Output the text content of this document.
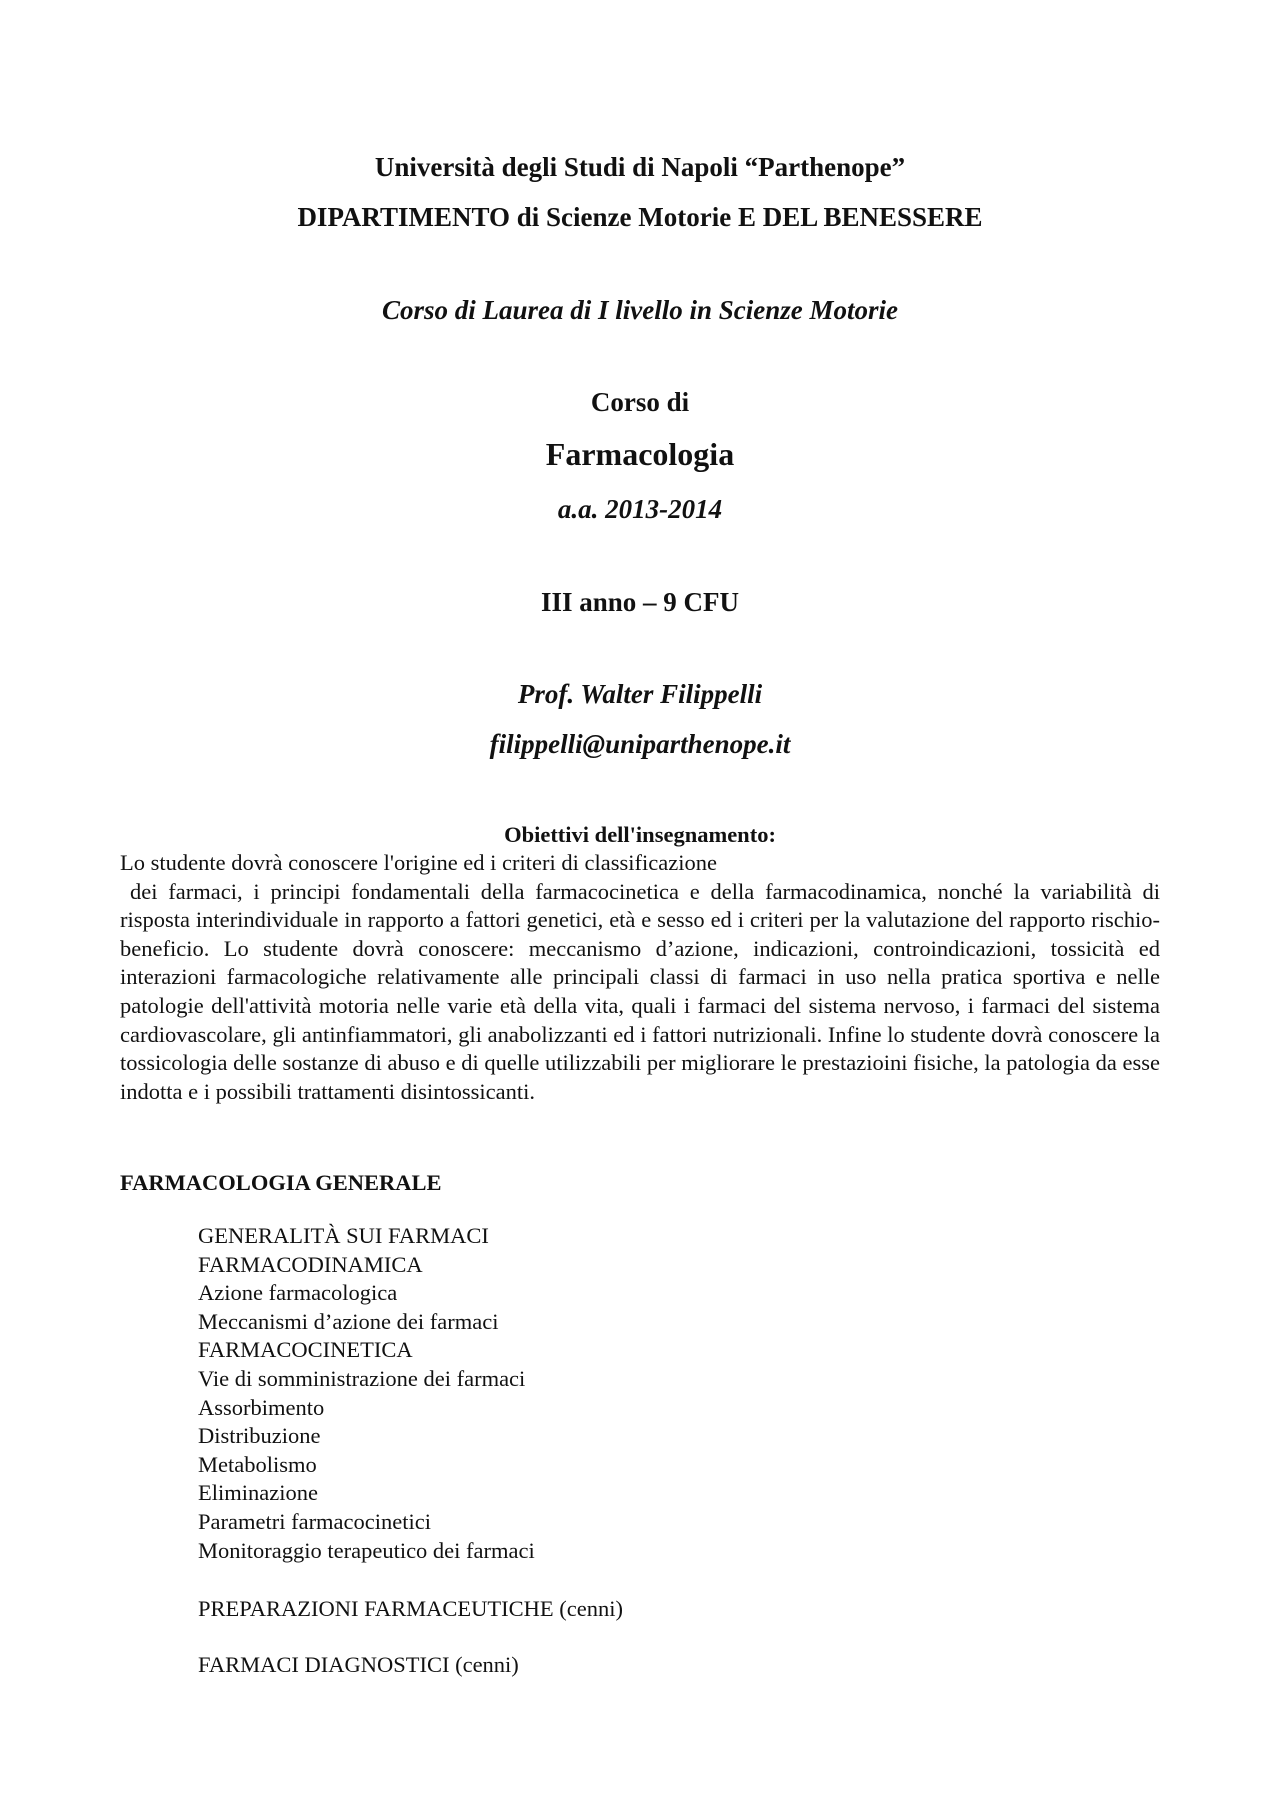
Università degli Studi di Napoli “Parthenope”
DIPARTIMENTO di Scienze Motorie E DEL BENESSERE
Corso di Laurea di I livello in Scienze Motorie
Corso di
Farmacologia
a.a. 2013-2014
III anno – 9 CFU
Prof. Walter Filippelli
filippelli@uniparthenope.it
Obiettivi dell'insegnamento:

Lo studente dovrà conoscere l'origine ed i criteri di classificazione

dei farmaci, i principi fondamentali della farmacocinetica e della farmacodinamica, nonché la variabilità di risposta interindividuale in rapporto a fattori genetici, età e sesso ed i criteri per la valutazione del rapporto rischio-beneficio. Lo studente dovrà conoscere: meccanismo d’azione, indicazioni, controindicazioni, tossicità ed interazioni farmacologiche relativamente alle principali classi di farmaci in uso nella pratica sportiva e nelle patologie dell'attività motoria nelle varie età della vita, quali i farmaci del sistema nervoso, i farmaci del sistema cardiovascolare, gli antinfiammatori, gli anabolizzanti ed i fattori nutrizionali. Infine lo studente dovrà conoscere la tossicologia delle sostanze di abuso e di quelle utilizzabili per migliorare le prestazioini fisiche, la patologia da esse indotta e i possibili trattamenti disintossicanti.

FARMACOLOGIA GENERALE
GENERALITÀ SUI FARMACI
FARMACODINAMICA
Azione farmacologica
Meccanismi d’azione dei farmaci
FARMACOCINETICA
Vie di somministrazione dei farmaci
Assorbimento
Distribuzione
Metabolismo
Eliminazione
Parametri farmacocinetici
Monitoraggio terapeutico dei farmaci
PREPARAZIONI FARMACEUTICHE (cenni)
FARMACI DIAGNOSTICI (cenni)
